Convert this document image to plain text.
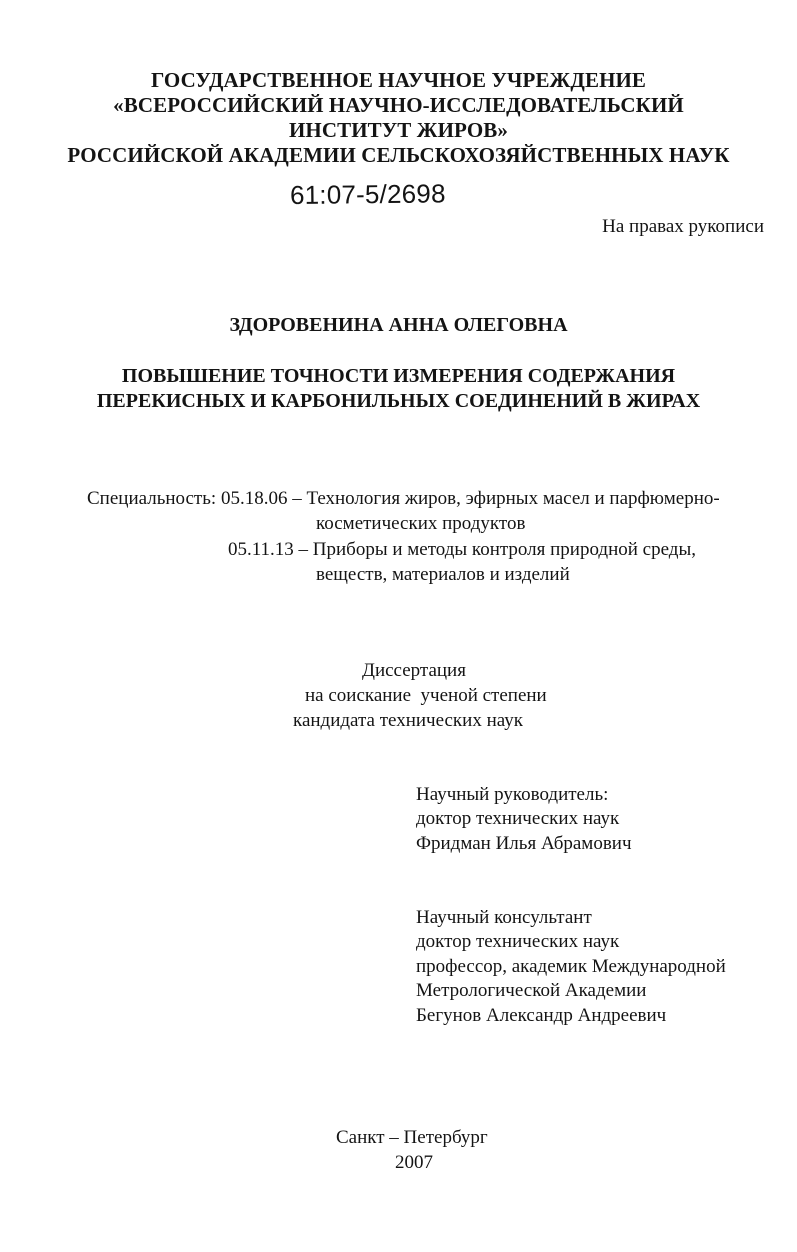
ГОСУДАРСТВЕННОЕ НАУЧНОЕ УЧРЕЖДЕНИЕ
«ВСЕРОССИЙСКИЙ НАУЧНО-ИССЛЕДОВАТЕЛЬСКИЙ
ИНСТИТУТ ЖИРОВ»
РОССИЙСКОЙ АКАДЕМИИ СЕЛЬСКОХОЗЯЙСТВЕННЫХ НАУК
61:07-5/2698
На правах рукописи
ЗДОРОВЕНИНА АННА ОЛЕГОВНА
ПОВЫШЕНИЕ ТОЧНОСТИ ИЗМЕРЕНИЯ СОДЕРЖАНИЯ
ПЕРЕКИСНЫХ И КАРБОНИЛЬНЫХ СОЕДИНЕНИЙ В ЖИРАХ
Специальность: 05.18.06 – Технология жиров, эфирных масел и парфюмерно-
косметических продуктов
05.11.13 – Приборы и методы контроля природной среды,
веществ, материалов и изделий
Диссертация
на соискание  ученой степени
кандидата технических наук
Научный руководитель:
доктор технических наук
Фридман Илья Абрамович
Научный консультант
доктор технических наук
профессор, академик Международной
Метрологической Академии
Бегунов Александр Андреевич
Санкт – Петербург
2007
